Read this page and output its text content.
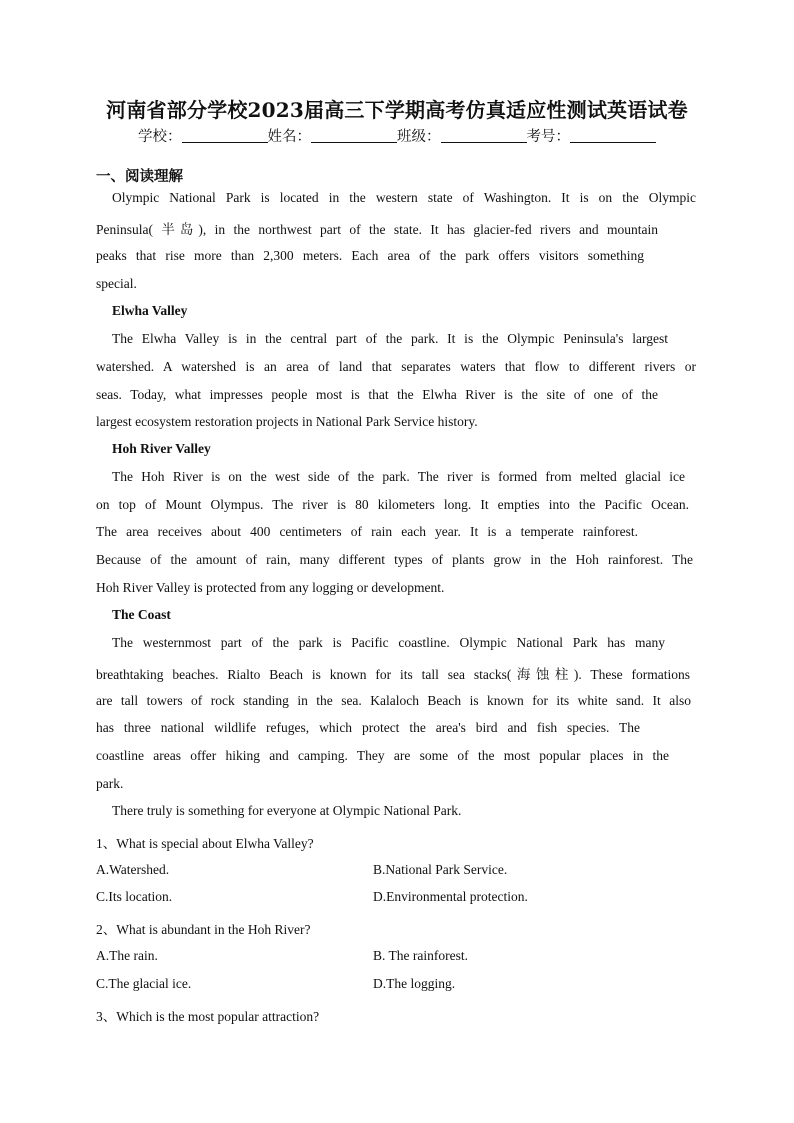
河南省部分学校2023届高三下学期高考仿真适应性测试英语试卷
学校：	姓名：	班级：	考号：
一、阅读理解
Olympic National Park is located in the western state of Washington. It is on the Olympic
Peninsula( 半岛), in the northwest part of the state. It has glacier-fed rivers and mountain
peaks that rise more than 2,300 meters. Each area of the park offers visitors something
special.
Elwha Valley
The Elwha Valley is in the central part of the park. It is the Olympic Peninsula's largest
watershed. A watershed is an area of land that separates waters that flow to different rivers or
seas. Today, what impresses people most is that the Elwha River is the site of one of the
largest ecosystem restoration projects in National Park Service history.
Hoh River Valley
The Hoh River is on the west side of the park. The river is formed from melted glacial ice
on top of Mount Olympus. The river is 80 kilometers long. It empties into the Pacific Ocean.
The area receives about 400 centimeters of rain each year. It is a temperate rainforest.
Because of the amount of rain, many different types of plants grow in the Hoh rainforest. The
Hoh River Valley is protected from any logging or development.
The Coast
The westernmost part of the park is Pacific coastline. Olympic National Park has many
breathtaking beaches. Rialto Beach is known for its tall sea stacks(海蚀柱). These formations
are tall towers of rock standing in the sea. Kalaloch Beach is known for its white sand. It also
has three national wildlife refuges, which protect the area's bird and fish species. The
coastline areas offer hiking and camping. They are some of the most popular places in the
park.
There truly is something for everyone at Olympic National Park.
1、What is special about Elwha Valley?
A.Watershed.	B.National Park Service.
C.Its location.	D.Environmental protection.
2、What is abundant in the Hoh River?
A.The rain.	B. The rainforest.
C.The glacial ice.	D.The logging.
3、Which is the most popular attraction?
